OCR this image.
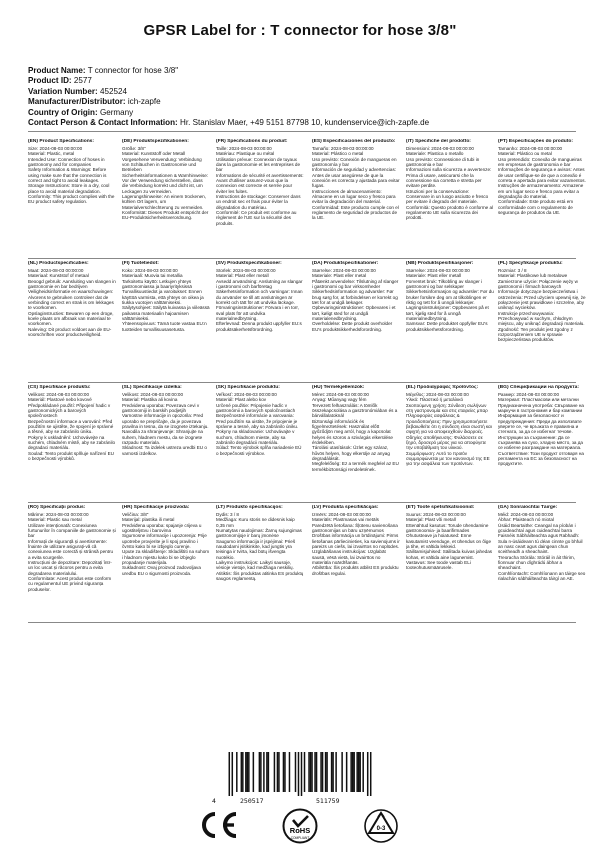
GPSR Label for : T connector for hose 3/8"
Product Name: T connector for hose 3/8"
Product ID: 2577
Variation Number: 452524
Manufacturer/Distributor: ich-zapfe
Country of Origin: Germany
Contact Person & Contact Information: Hr. Stanislav Maer, +49 5151 87798 10, kundenservice@ich-zapfe.de
(EN) Product Specifications:
Size: 2024-08-03 00:00:00
Material: Plastic, metal
Intended Use: Connection of hoses in gastronomy and for companies
Safety Information & Warnings: Before using make sure that the connection is correct and tight to avoid leakages.
Storage Instructions: Store in a dry, cool place to avoid material degradation.
Conformity: This product complies with the EU product safety regulation.
(DE) Produktspezifikationen:
Größe: 3/8"
Material: Kunststoff oder Metall
Vorgesehene Verwendung: Verbindung von Schläuchen in Gastronomie und Betrieben
Sicherheitsinformationen & Warnhinweise: Vor der Verwendung sicherstellen, dass die Verbindung korrekt und dicht ist, um Leckagen zu vermeiden.
Lagerungshinweise: An einem trockenen, kühlen Ort lagern, um Materialverschlechterung zu vermeiden.
Konformität: Dieses Produkt entspricht der EU-Produktsicherheitsverordnung.
(FR) Spécifications du produit:
Taille: 2024-08-03 00:00:00
Matériau: Plastique ou métal
Utilisation prévue: Connexion de tuyaux dans la gastronomie et les entreprises de bar
Informations de sécurité et avertissements: Avant d'utiliser assurez-vous que la connexion est correcte et serrée pour éviter les fuites.
Instructions de stockage: Conserver dans un endroit sec et frais pour éviter la dégradation du matériau.
Conformité: Ce produit est conforme au règlement de l'UE sur la sécurité des produits.
(ES) Especificaciones del producto:
Tamaño: 2024-08-03 00:00:00
Material: Plástico o metal
Uso previsto: Conexión de mangueras en gastronomía y bar
Información de seguridad y advertencias: Antes de usar asegúrese de que la conexión es correcta y ajustada para evitar fugas.
Instrucciones de almacenamiento: Almacene en un lugar seco y fresco para evitar la degradación del material.
Conformidad: Este producto cumple con el reglamento de seguridad de productos de la UE.
(IT) Specifiche del prodotto:
Dimensioni: 2024-08-03 00:00:00
Materiale: Plastica o metallo
Uso previsto: Connessione di tubi in gastronomia e bar
Informazioni sulla sicurezza e avvertenze: Prima di usare, assicurarsi che la connessione sia corretta e stretta per evitare perdite.
Istruzioni per la conservazione: Conservare in un luogo asciutto e fresco per evitare il degrado del materiale.
Conformità: Questo prodotto è conforme al regolamento UE sulla sicurezza dei prodotti.
(PT) Especificações do produto:
Tamanho: 2024-08-03 00:00:00
Material: Plástico ou metal
Uso pretendido: Conexão de mangueiras em empresas de gastronomia e bar
Informações de segurança e avisos: Antes de usar certifique-se de que a conexão é correta e apertada para evitar vazamentos.
Instruções de armazenamento: Armazene em um lugar seco e fresco para evitar a degradação do material.
Conformidade: Este produto está em conformidade com o regulamento de segurança de produtos da UE.
(NL) Productspecificaties:
Maat: 2024-08-03 00:00:00
Materiaal: Kunststof of metaal
Beoogd gebruik: Aansluiting van slangen in gastronomie en bar bedrijven
Veiligheidsinformatie en waarschuwingen: Alvorens te gebruiken controleer dat de verbinding correct en strak is om lekkages te voorkomen.
Opslaginstructies: Bewaren op een droge, koele plaats om afbraak van materiaal te voorkomen.
Naleving: Dit product voldoet aan de EU-voorschriften voor productveiligheid.
(FI) Tuotetiedot:
Koko: 2024-08-03 00:00:00
Materiaali: Muovia tai metallia
Tarkoitettu käyttö: Letkujen yhteys gastronomiassa ja baariyrityksissä
Turvallisuustiedot ja varoitukset: Ennen käyttöä varmista, että yhteys on oikea ja tiukka vuotojen välttämiseksi.
Säilytysohjeet: Säilytä kuivassa ja viileässä paikassa materiaalin hajoamisen välttämiseksi.
Yhteensopivuus: Tämä tuote vastaa EU:n tuotteiden turvallisuusasetusta.
(SV) Produktspecifikationer:
Storlek: 2024-08-03 00:00:00
Material: Plast eller metall
Avsedd användning: Anslutning av slangar i gastronomi och barföretag
Säkerhetsinformation och varningar: Innan du använder se till att anslutningen är korrekt och tätt för att undvika läckage.
Förvaringsinstruktioner: Förvara i en torr, sval plats för att undvika materialnedbrytning.
Efterlevnad: Denna produkt uppfyller EU:s produktsäkerhetsförordning.
(DA) Produktspecifikationer:
Størrelse: 2024-08-03 00:00:00
Materiale: Plast eller metal
Påtænkt anvendelse: Tilslutning af slanger i gastronomi og bar virksomheder
Sikkerhedsinformation og advarsler: Før brug sørg for, at forbindelsen er korrekt og tæt for at undgå lækager.
Opbevaringsinstruktioner: Opbevares i et tørt, køligt sted for at undgå materialenedbrydning.
Overholdelse: Dette produkt overholder EU's produktsikkerhedsforordning.
(NB) Produktspesifikasjoner:
Størrelse: 2024-08-03 00:00:00
Materiale: Plast eller metall
Forventet bruk: Tilkobling av slanger i gastronomi og bar selskaper
Sikkerhetsinformasjon og advarsler: Før du bruker forsikre deg om at tilkoblingen er riktig og tett for å unngå lekkasjer.
Lagringsinstruksjoner: Oppbevares på et tørt, kjølig sted for å unngå materialnedbrytning.
Samsvar: Dette produktet oppfyller EU's produktsikkerhetsforordning.
(PL) Specyfikacje produktu:
Rozmiar: 3 / 8
Materiał: Plastikowe lub metalowe
Zamierzone użycie: Połączenie węży w gastronomii i firmach barowych
Informacje dotyczące bezpieczeństwa i ostrzeżenia: Przed użyciem upewnij się, że połączenie jest prawidłowe i szczelne, aby uniknąć wycieków.
Instrukcje przechowywania: Przechowywać w suchym, chłodnym miejscu, aby uniknąć degradacji materiału.
Zgodność: Ten produkt jest zgodny z rozporządzeniem UE w sprawie bezpieczeństwa produktów.
(CS) Specifikace produktu:
Velikost: 2024-08-03 00:00:00
Materiál: Plastové nebo kovové
Předpokládané použití: Připojení hadic v gastronomických a barových společnostech
Bezpečnostní informace a varování: Před použitím se ujistěte, že spojení je správné a těsné, aby se zabránilo úniku.
Pokyny k uskladnění: Uchovávejte na suchém, chladném místě, aby se zabránilo degradaci materiálu.
Soulad: Tento produkt splňuje nařízení EU o bezpečnosti výrobků.
(SL) Specifikacije izdelka:
Velikost: 2024-08-03 00:00:00
Material: Plastika ali kovina
Predvidena uporaba: Povezava cevi v gastronomiji in barskih podjetjih
Varnostne informacije in opozorila: Pred uporabo se prepričajte, da je povezava pravilna in tesna, da se izognete iztekanju.
Navodila za shranjevanje: Shranjujte na suhem, hladnem mestu, da se izognete razpadu materiala.
Skladnost: Ta izdelek ustreza uredbi EU o varnosti izdelkov.
(SK) Špecifikácie produktu:
Veľkosť: 2024-08-03 00:00:00
Materiál: Plast alebo kov
Určené použitie: Pripojenie hadíc v gastronómii a barových spoločnostiach
Bezpečnostné informácie a varovania: Pred použitím sa uistite, že pripojenie je správne a tesné, aby sa zabránilo úniku.
Pokyny na skladovanie: Uchovávajte v suchom, chladnom mieste, aby sa zabránilo degradácii materiálu.
Súlad: Tento výrobok spĺňa nariadenie EÚ o bezpečnosti výrobkov.
(HU) Termékjellemzők:
Méret: 2024-08-03 00:00:00
Anyag: Műanyag vagy fém
Tervezett felhasználás: A tömlők összekapcsolása a gasztronómiában és a bárvállalatoknál
Biztonsági információk és figyelmeztetések: Használat előtt győződjön meg arról, hogy a kapcsolat helyes és szoros a szivárgás elkerülése érdekében.
Tárolási utasítások: Üzlet egy száraz, hűvös helyen, hogy elkerülje az anyag degradálását.
Megfelelőség: Ez a termék megfelel az EU termékbiztonsági rendeletének.
(EL) Προδιαγραφές προϊόντος:
Μέγεθος: 2024-08-03 00:00:00
Υλικό: Πλαστικό ή μεταλλικό
Σκοπούμενη χρήση: Σύνδεση σωλήνων στη γαστρονομία και στις εταιρείες μπαρ
Πληροφορίες ασφάλειας & προειδοποιήσεις: Πριν χρησιμοποιήσετε βεβαιωθείτε ότι η σύνδεση είναι σωστή και σφιχτή για να αποφευχθούν διαρροές.
Οδηγίες αποθήκευσης: Φυλάσσετε σε ξηρό, δροσερό μέρος για να αποφύγετε την υποβάθμιση του υλικού.
Συμμόρφωση: Αυτό το προϊόν συμμορφώνεται με τον κανονισμό της ΕΕ για την ασφάλεια των προϊόντων.
(BG) Спецификации на продукта:
Размер: 2024-08-03 00:00:00
Материал: Пластмасови или метални
Предназначена употреба: Свързване на маркучи в гастрономия и бар компании
Информация за безопасност и предупреждения: Преди да използвате уверете се, че връзката е правилна и стегната, за да се избегнат течове.
Инструкции за съхранение: Да се съхранява на сухо, хладно място, за да се избегне разграждане на материала.
Съответствие: Този продукт отговаря на регламента на ЕС за безопасност на продуктите.
(RO) Specificații produs:
Mărime: 2024-08-03 00:00:00
Material: Plastic sau metal
Utilizare intenționată: Conexiunea furtunurilor în companiile de gastronomie și bar
Informații de siguranță și avertismente: Înainte de utilizare asigurați-vă că conexiunea este corectă și strânsă pentru a evita scurgerile.
Instrucțiuni de depozitare: Depozitați într-un loc uscat și răcoros pentru a evita degradarea materialului.
Conformitate: Acest produs este conform cu regulamentul UE privind siguranța produselor.
(HR) Specifikacije proizvoda:
Veličina: 3/8"
Materijal: plastika ili metal
Predviđena uporaba: spajanje crijeva u ugostiteljstvu i barovima
Sigurnosne informacije i upozorenja: Prije upotrebe provjerite je li spoj pravilno i čvrsto kako bi se izbjeglo curenje.
Upute za skladištenje: Skladištiti na suhom i hladnom mjestu kako bi se izbjeglo propadanje materijala.
Sukladnost: Ovaj proizvod zadovoljava uredbu EU o sigurnosti proizvoda.
(LT) Produkto specifikacijos:
Dydis: 3 / 8
Medžiaga: Kuru storis ne didesnis kaip 0,35 mm
Numatytas naudojimas: Žarnų sujungimas gastronomijoje ir barų įmonėse
Saugumo informacija ir įspėjimai: Prieš naudodami įsitikinkite, kad jungtis yra teisinga ir tvirta, kad būtų išvengta nuotėkio.
Laikymo instrukcijos: Laikyti sausoje, vėsioje vietoje, kad medžiaga neskilių.
Atitiktis: Šis produktas atitinka ES produktų saugos reglamentą.
(LV) Produkta specifikācijas:
Izmērs: 2024-08-03 00:00:00
Materiāls: Plastmasas vai metāls
Paredzētā lietošana: Šļūtenu savienošana gastronomijas un bāru uzņēmumos
Drošības informācija un brīdinājumi: Pirms lietošanas pārliecinieties, ka savienojums ir pareizs un ciešs, lai izvairītos no noplūdes.
Uzglabāšanas instrukcijas: Uzglabāt sausā, vēsā vietā, lai izvairītos no materiāla noārdīšanās.
Atbilstība: Šis produkts atbilst ES produktu drošības regulai.
(ET) Toote spetsifikatsioonid:
Suurus: 2024-08-03 00:00:00
Materjal: Plast või metall
Ettenähtud kasutus: Torude ühendamine gastronoomia- ja baarifirmades
Ohutusteave ja hoiatused: Enne kasutamist veenduge, et ühendus on õige ja tihe, et vältida lekkeid.
Säilitamisjuhised: Säilitada kuivas jahedas kohas, et vältida aine lagunemist.
Vastavus: See toode vastab ELi tooteohutusmäärusele.
(GA) Sonraíochtaí Táirge:
Méid: 2024-08-03 00:00:00
Ábhar: Plaisteach nó miotal
Úsáid Beartaithe: Ceangal na píobán i gcuideachtaí agus cuideachtaí barra
Faisnéis Sábháilteachta agus Rabhadh: Sula n-úsáideann tú déan cinnte go bhfuil an nasc ceart agus daingean chun sceitheadh a sheachaint.
Treoracha Stórála: Stóráil in áit thirim, fionnuar chun díghrádú ábhar a sheachaint.
Comhlíontacht: Comhlíonann an táirge seo rialachán sábháilteachta táirgí an AE.
4	250517	511759
RoHS
COMPLIANT
0-3
